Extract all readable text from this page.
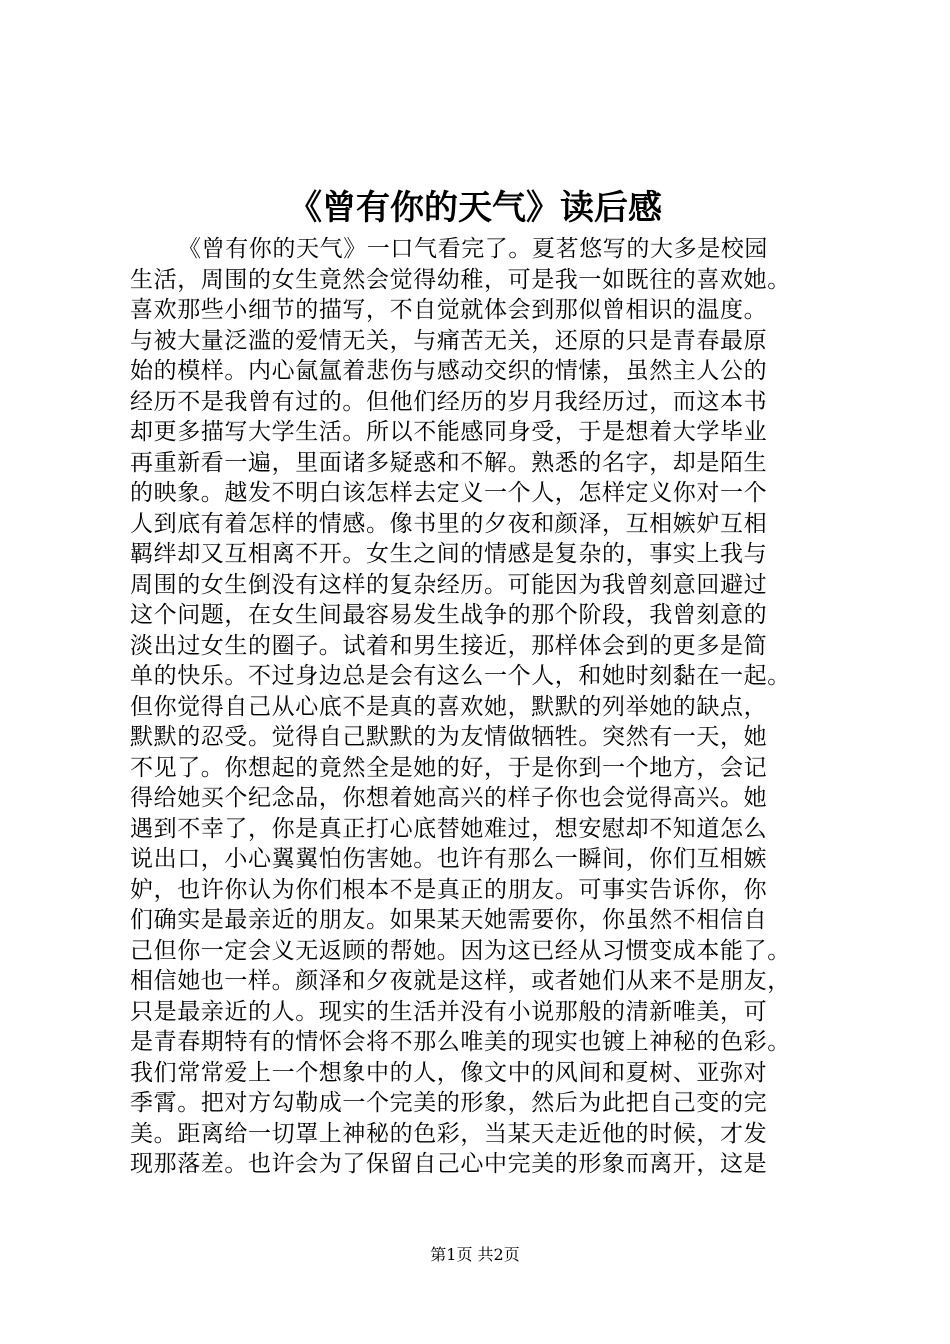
《曾有你的天气》读后感
《曾有你的天气》一口气看完了。夏茗悠写的大多是校园
生活，周围的女生竟然会觉得幼稚，可是我一如既往的喜欢她。
喜欢那些小细节的描写，不自觉就体会到那似曾相识的温度。
与被大量泛滥的爱情无关，与痛苦无关，还原的只是青春最原
始的模样。内心氤氲着悲伤与感动交织的情愫，虽然主人公的
经历不是我曾有过的。但他们经历的岁月我经历过，而这本书
却更多描写大学生活。所以不能感同身受，于是想着大学毕业
再重新看一遍，里面诸多疑惑和不解。熟悉的名字，却是陌生
的映象。越发不明白该怎样去定义一个人，怎样定义你对一个
人到底有着怎样的情感。像书里的夕夜和颜泽，互相嫉妒互相
羁绊却又互相离不开。女生之间的情感是复杂的，事实上我与
周围的女生倒没有这样的复杂经历。可能因为我曾刻意回避过
这个问题，在女生间最容易发生战争的那个阶段，我曾刻意的
淡出过女生的圈子。试着和男生接近，那样体会到的更多是简
单的快乐。不过身边总是会有这么一个人，和她时刻黏在一起。
但你觉得自己从心底不是真的喜欢她，默默的列举她的缺点，
默默的忍受。觉得自己默默的为友情做牺牲。突然有一天，她
不见了。你想起的竟然全是她的好，于是你到一个地方，会记
得给她买个纪念品，你想着她高兴的样子你也会觉得高兴。她
遇到不幸了，你是真正打心底替她难过，想安慰却不知道怎么
说出口，小心翼翼怕伤害她。也许有那么一瞬间，你们互相嫉
妒，也许你认为你们根本不是真正的朋友。可事实告诉你，你
们确实是最亲近的朋友。如果某天她需要你，你虽然不相信自
己但你一定会义无返顾的帮她。因为这已经从习惯变成本能了。
相信她也一样。颜泽和夕夜就是这样，或者她们从来不是朋友，
只是最亲近的人。现实的生活并没有小说那般的清新唯美，可
是青春期特有的情怀会将不那么唯美的现实也镀上神秘的色彩。
我们常常爱上一个想象中的人，像文中的风间和夏树、亚弥对
季霄。把对方勾勒成一个完美的形象，然后为此把自己变的完
美。距离给一切罩上神秘的色彩，当某天走近他的时候，才发
现那落差。也许会为了保留自己心中完美的形象而离开，这是
第1页 共2页
